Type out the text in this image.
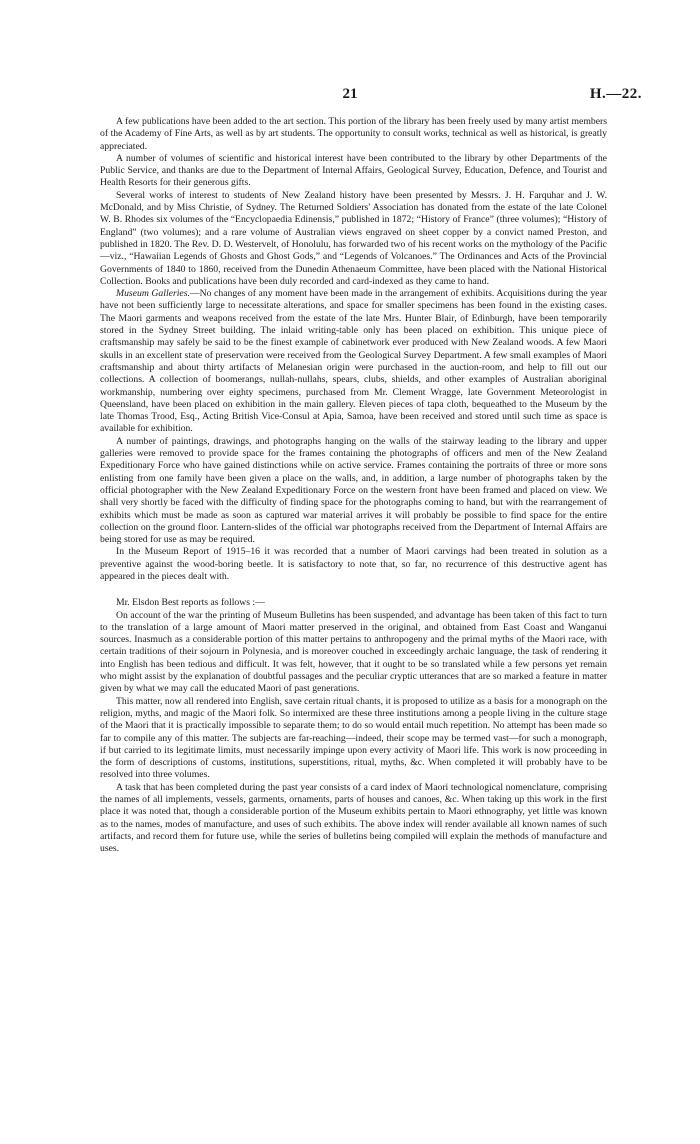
21	H.—22.

A few publications have been added to the art section. This portion of the library has been freely used by many artist members of the Academy of Fine Arts, as well as by art students. The opportunity to consult works, technical as well as historical, is greatly appreciated.

A number of volumes of scientific and historical interest have been contributed to the library by other Departments of the Public Service, and thanks are due to the Department of Internal Affairs, Geological Survey, Education, Defence, and Tourist and Health Resorts for their generous gifts.

Several works of interest to students of New Zealand history have been presented by Messrs. J. H. Farquhar and J. W. McDonald, and by Miss Christie, of Sydney. The Returned Soldiers' Association has donated from the estate of the late Colonel W. B. Rhodes six volumes of the “Encyclopaedia Edinensis,” published in 1872; “History of France” (three volumes); “History of England” (two volumes); and a rare volume of Australian views engraved on sheet copper by a convict named Preston, and published in 1820. The Rev. D. D. Westervelt, of Honolulu, has forwarded two of his recent works on the mythology of the Pacific—viz., “Hawaiian Legends of Ghosts and Ghost Gods,” and “Legends of Volcanoes.” The Ordinances and Acts of the Provincial Governments of 1840 to 1860, received from the Dunedin Athenaeum Committee, have been placed with the National Historical Collection. Books and publications have been duly recorded and card-indexed as they came to hand.

Museum Galleries.—No changes of any moment have been made in the arrangement of exhibits. Acquisitions during the year have not been sufficiently large to necessitate alterations, and space for smaller specimens has been found in the existing cases. The Maori garments and weapons received from the estate of the late Mrs. Hunter Blair, of Edinburgh, have been temporarily stored in the Sydney Street building. The inlaid writing-table only has been placed on exhibition. This unique piece of craftsmanship may safely be said to be the finest example of cabinetwork ever produced with New Zealand woods. A few Maori skulls in an excellent state of preservation were received from the Geological Survey Department. A few small examples of Maori craftsmanship and about thirty artifacts of Melanesian origin were purchased in the auction-room, and help to fill out our collections. A collection of boomerangs, nullah-nullahs, spears, clubs, shields, and other examples of Australian aboriginal workmanship, numbering over eighty specimens, purchased from Mr. Clement Wragge, late Government Meteorologist in Queensland, have been placed on exhibition in the main gallery. Eleven pieces of tapa cloth, bequeathed to the Museum by the late Thomas Trood, Esq., Acting British Vice-Consul at Apia, Samoa, have been received and stored until such time as space is available for exhibition.

A number of paintings, drawings, and photographs hanging on the walls of the stairway leading to the library and upper galleries were removed to provide space for the frames containing the photographs of officers and men of the New Zealand Expeditionary Force who have gained distinctions while on active service. Frames containing the portraits of three or more sons enlisting from one family have been given a place on the walls, and, in addition, a large number of photographs taken by the official photographer with the New Zealand Expeditionary Force on the western front have been framed and placed on view. We shall very shortly be faced with the difficulty of finding space for the photographs coming to hand, but with the rearrangement of exhibits which must be made as soon as captured war material arrives it will probably be possible to find space for the entire collection on the ground floor. Lantern-slides of the official war photographs received from the Department of Internal Affairs are being stored for use as may be required.

In the Museum Report of 1915–16 it was recorded that a number of Maori carvings had been treated in solution as a preventive against the wood-boring beetle. It is satisfactory to note that, so far, no recurrence of this destructive agent has appeared in the pieces dealt with.

Mr. Elsdon Best reports as follows :—

On account of the war the printing of Museum Bulletins has been suspended, and advantage has been taken of this fact to turn to the translation of a large amount of Maori matter preserved in the original, and obtained from East Coast and Wanganui sources. Inasmuch as a considerable portion of this matter pertains to anthropogeny and the primal myths of the Maori race, with certain traditions of their sojourn in Polynesia, and is moreover couched in exceedingly archaic language, the task of rendering it into English has been tedious and difficult. It was felt, however, that it ought to be so translated while a few persons yet remain who might assist by the explanation of doubtful passages and the peculiar cryptic utterances that are so marked a feature in matter given by what we may call the educated Maori of past generations.

This matter, now all rendered into English, save certain ritual chants, it is proposed to utilize as a basis for a monograph on the religion, myths, and magic of the Maori folk. So intermixed are these three institutions among a people living in the culture stage of the Maori that it is practically impossible to separate them; to do so would entail much repetition. No attempt has been made so far to compile any of this matter. The subjects are far-reaching—indeed, their scope may be termed vast—for such a monograph, if but carried to its legitimate limits, must necessarily impinge upon every activity of Maori life. This work is now proceeding in the form of descriptions of customs, institutions, superstitions, ritual, myths, &c. When completed it will probably have to be resolved into three volumes.

A task that has been completed during the past year consists of a card index of Maori technological nomenclature, comprising the names of all implements, vessels, garments, ornaments, parts of houses and canoes, &c. When taking up this work in the first place it was noted that, though a considerable portion of the Museum exhibits pertain to Maori ethnography, yet little was known as to the names, modes of manufacture, and uses of such exhibits. The above index will render available all known names of such artifacts, and record them for future use, while the series of bulletins being compiled will explain the methods of manufacture and uses.
